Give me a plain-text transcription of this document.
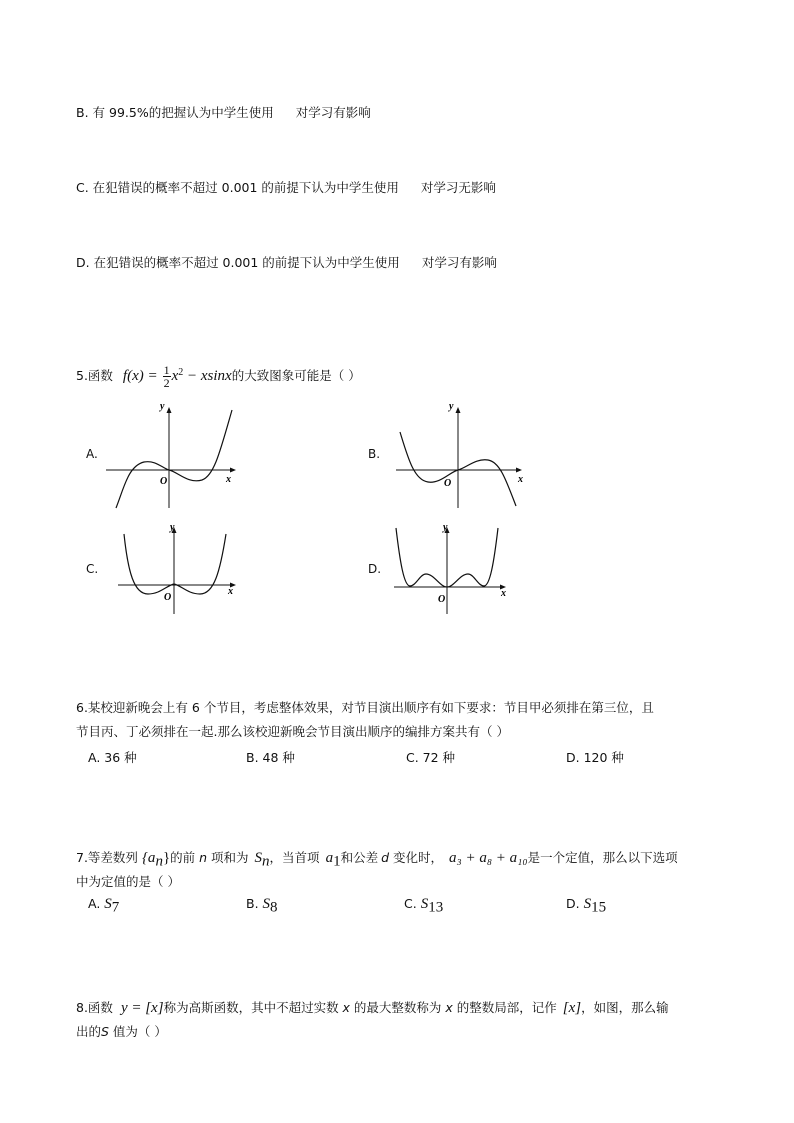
B. 有 99.5%的把握认为中学生使用 对学习有影响
C. 在犯错误的概率不超过 0.001 的前提下认为中学生使用 对学习无影响
D. 在犯错误的概率不超过 0.001 的前提下认为中学生使用 对学习有影响
5.函数 $f(x) = \frac{1}{2} x^2 - xsinx$的大致图象可能是（ ）
A.	B.
C.	D.
y
x
O
y
x
O
y
x
O
y
x
O
6.某校迎新晚会上有 6 个节目，考虑整体效果，对节目演出顺序有如下要求：节目甲必须排在第三位，且
节目丙、丁必须排在一起.那么该校迎新晚会节目演出顺序的编排方案共有（ ）
A. 36 种	B. 48 种	C. 72 种	D. 120 种
7.等差数列 $\{a_n\}$的前 n 项和为 $S_n$，当首项 $a_1$和公差 d 变化时， a₃ + a₈ + a₁₀是一个定值，那么以下选项
中为定值的是（ ）
A. $S_7$	B. $S_8$	C. $S_{13}$	D. $S_{15}$
8.函数 y = [x]称为高斯函数，其中不超过实数 x 的最大整数称为 x 的整数局部，记作 [x]，如图，那么输
出的S 值为（ ）
